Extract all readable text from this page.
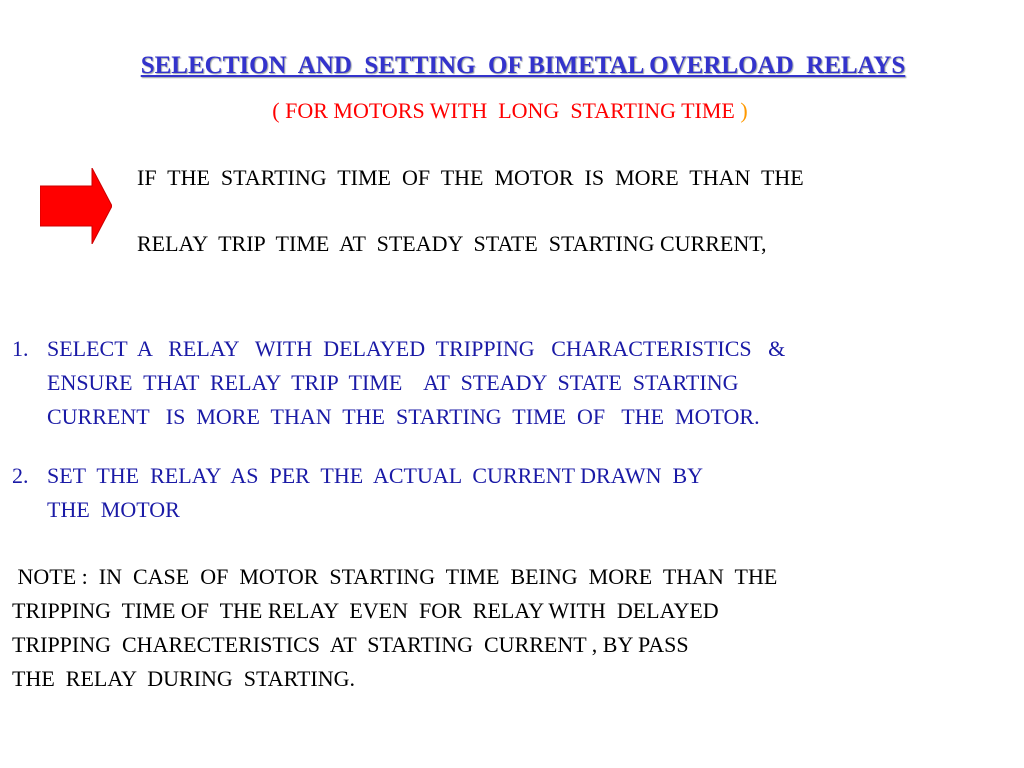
SELECTION  AND  SETTING  OF BIMETAL OVERLOAD  RELAYS
( FOR MOTORS WITH  LONG  STARTING TIME )
IF  THE  STARTING  TIME  OF  THE  MOTOR  IS  MORE  THAN  THE
RELAY  TRIP  TIME  AT  STEADY  STATE  STARTING CURRENT,
1. SELECT  A   RELAY   WITH  DELAYED  TRIPPING   CHARACTERISTICS   &
ENSURE  THAT  RELAY  TRIP  TIME    AT  STEADY  STATE  STARTING
CURRENT   IS  MORE  THAN  THE  STARTING  TIME  OF   THE  MOTOR.
2. SET  THE  RELAY  AS  PER  THE  ACTUAL  CURRENT DRAWN  BY
THE  MOTOR
NOTE :  IN  CASE  OF  MOTOR  STARTING  TIME  BEING  MORE  THAN  THE
TRIPPING  TIME OF  THE RELAY  EVEN  FOR  RELAY WITH  DELAYED
TRIPPING  CHARECTERISTICS  AT  STARTING  CURRENT , BY PASS
THE  RELAY  DURING  STARTING.
